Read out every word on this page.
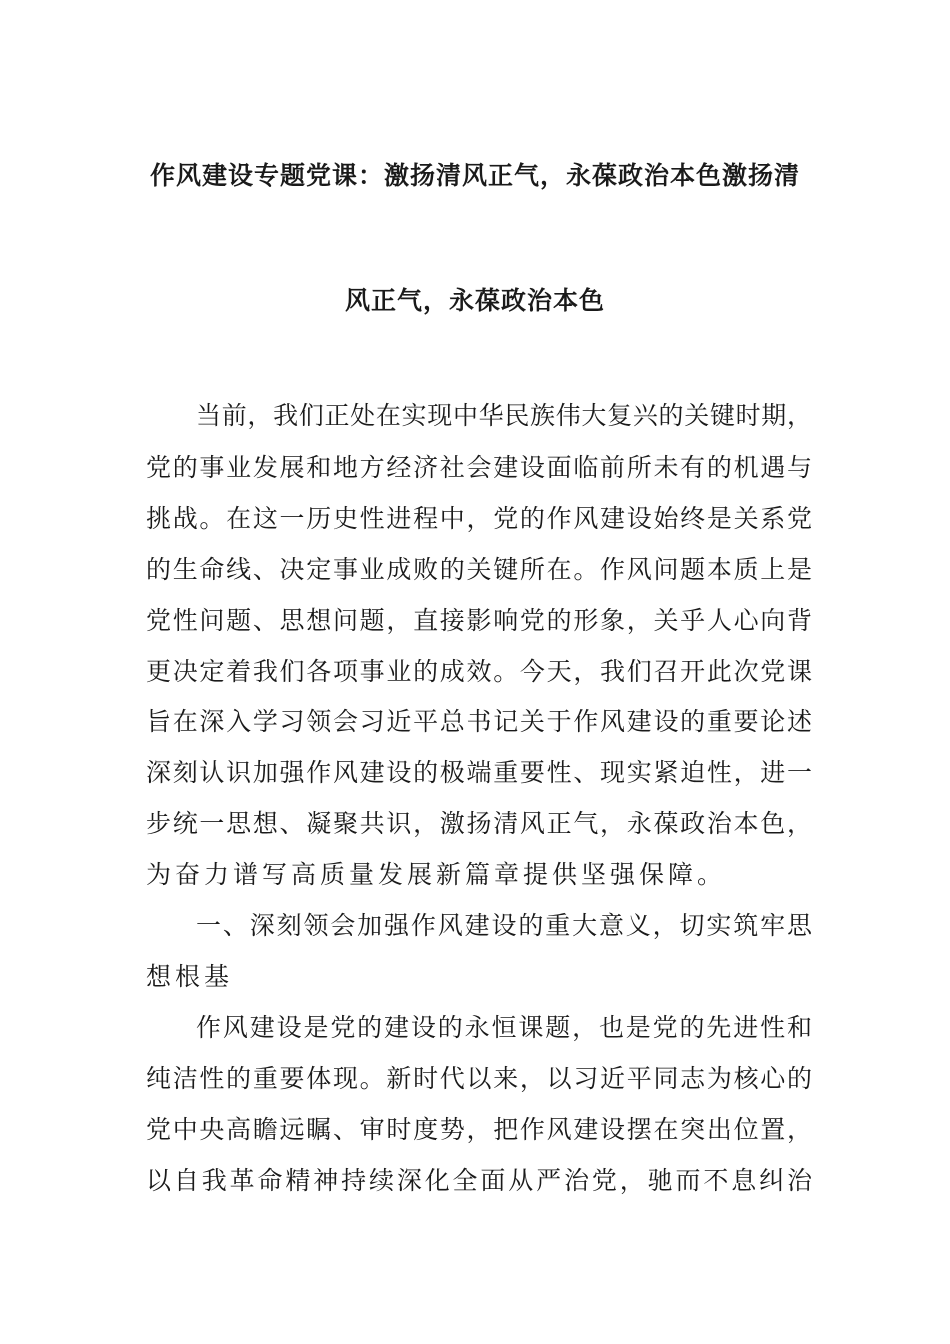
作风建设专题党课：激扬清风正气，永葆政治本色激扬清
风正气，永葆政治本色
当前，我们正处在实现中华民族伟大复兴的关键时期，
党的事业发展和地方经济社会建设面临前所未有的机遇与
挑战。在这一历史性进程中，党的作风建设始终是关系党
的生命线、决定事业成败的关键所在。作风问题本质上是
党性问题、思想问题，直接影响党的形象，关乎人心向背
更决定着我们各项事业的成效。今天，我们召开此次党课
旨在深入学习领会习近平总书记关于作风建设的重要论述
深刻认识加强作风建设的极端重要性、现实紧迫性，进一
步统一思想、凝聚共识，激扬清风正气，永葆政治本色，
为奋力谱写高质量发展新篇章提供坚强保障。
一、深刻领会加强作风建设的重大意义，切实筑牢思
想根基
作风建设是党的建设的永恒课题，也是党的先进性和
纯洁性的重要体现。新时代以来，以习近平同志为核心的
党中央高瞻远瞩、审时度势，把作风建设摆在突出位置，
以自我革命精神持续深化全面从严治党，驰而不息纠治
